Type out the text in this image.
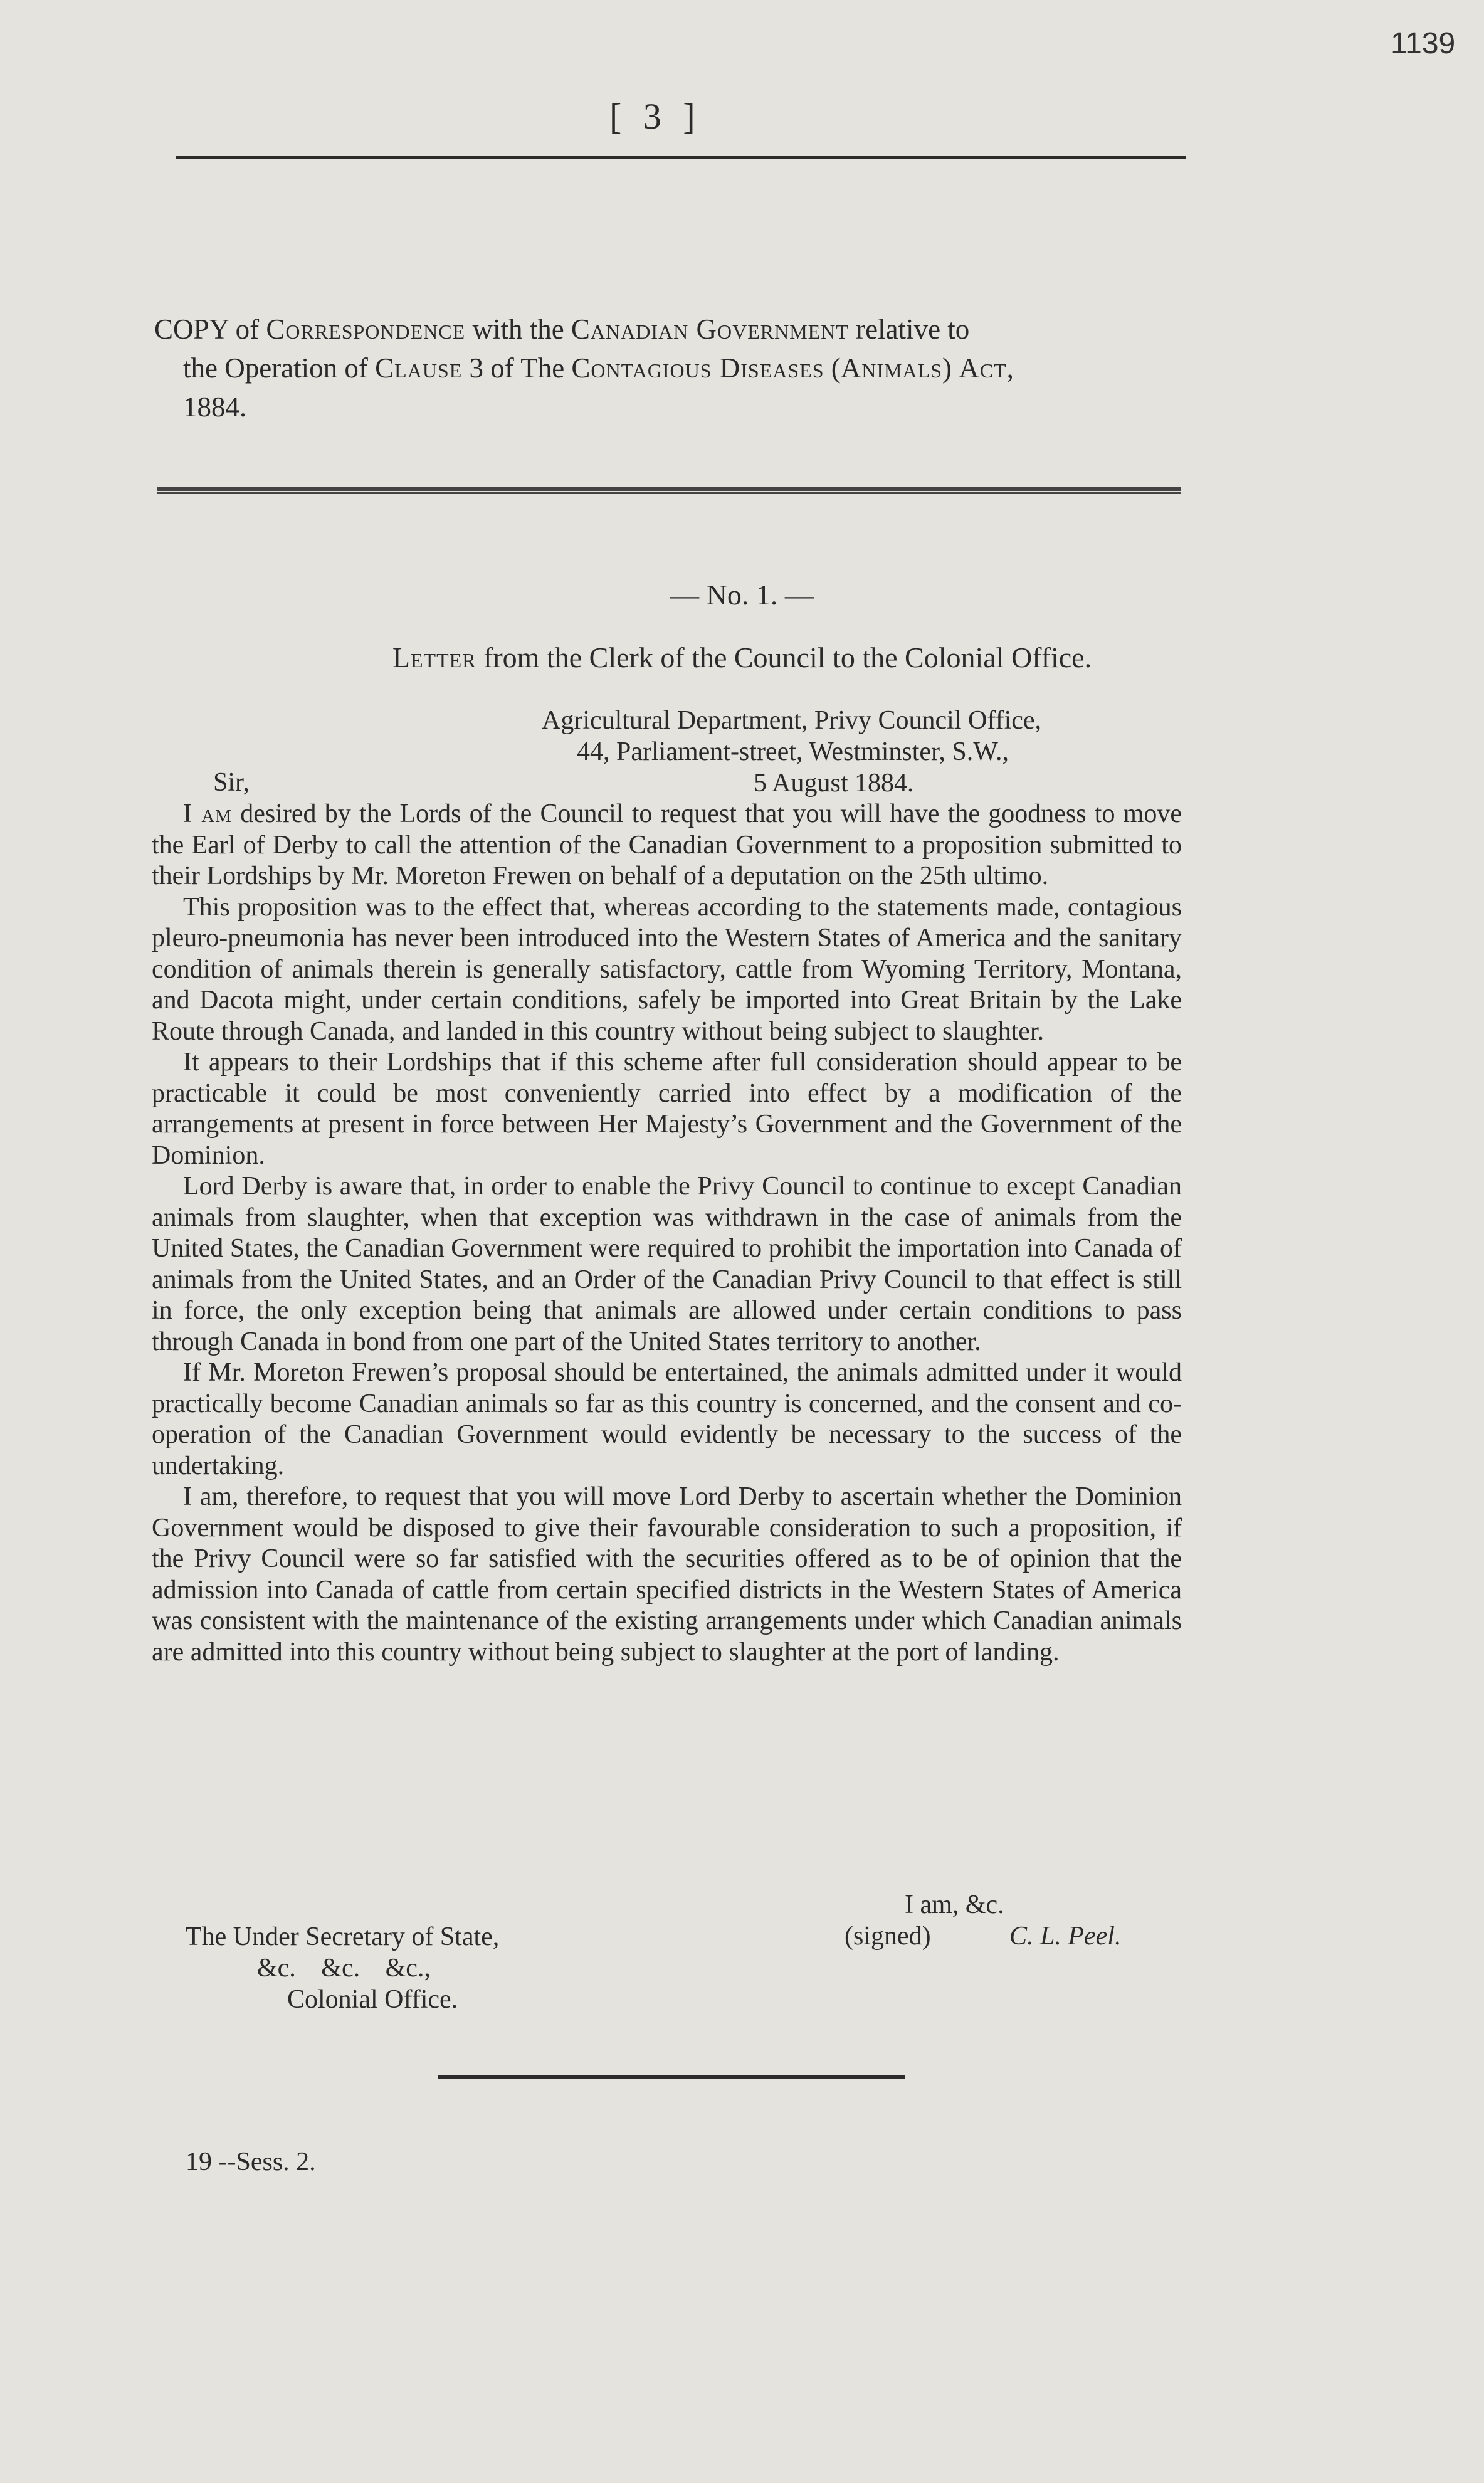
1139
[ 3 ]
COPY of Correspondence with the Canadian Government relative to
the Operation of Clause 3 of The Contagious Diseases (Animals) Act,
1884.
— No. 1. —
Letter from the Clerk of the Council to the Colonial Office.
Agricultural Department, Privy Council Office,
44, Parliament-street, Westminster, S.W.,
5 August 1884.
Sir,

I am desired by the Lords of the Council to request that you will have the goodness to move the Earl of Derby to call the attention of the Canadian Government to a proposition submitted to their Lordships by Mr. Moreton Frewen on behalf of a deputation on the 25th ultimo.

This proposition was to the effect that, whereas according to the statements made, contagious pleuro-pneumonia has never been introduced into the Western States of America and the sanitary condition of animals therein is generally satisfactory, cattle from Wyoming Territory, Montana, and Dacota might, under certain conditions, safely be imported into Great Britain by the Lake Route through Canada, and landed in this country without being subject to slaughter.

It appears to their Lordships that if this scheme after full consideration should appear to be practicable it could be most conveniently carried into effect by a modification of the arrangements at present in force between Her Majesty’s Government and the Government of the Dominion.

Lord Derby is aware that, in order to enable the Privy Council to continue to except Canadian animals from slaughter, when that exception was withdrawn in the case of animals from the United States, the Canadian Government were required to prohibit the importation into Canada of animals from the United States, and an Order of the Canadian Privy Council to that effect is still in force, the only exception being that animals are allowed under certain conditions to pass through Canada in bond from one part of the United States territory to another.

If Mr. Moreton Frewen’s proposal should be entertained, the animals admitted under it would practically become Canadian animals so far as this country is concerned, and the consent and co-operation of the Canadian Government would evidently be necessary to the success of the undertaking.

I am, therefore, to request that you will move Lord Derby to ascertain whether the Dominion Government would be disposed to give their favourable consideration to such a proposition, if the Privy Council were so far satisfied with the securities offered as to be of opinion that the admission into Canada of cattle from certain specified districts in the Western States of America was consistent with the maintenance of the existing arrangements under which Canadian animals are admitted into this country without being subject to slaughter at the port of landing.

I am, &c.
(signed)	C. L. Peel.
The Under Secretary of State,
&c. &c. &c.,
Colonial Office.
19 --Sess. 2.
